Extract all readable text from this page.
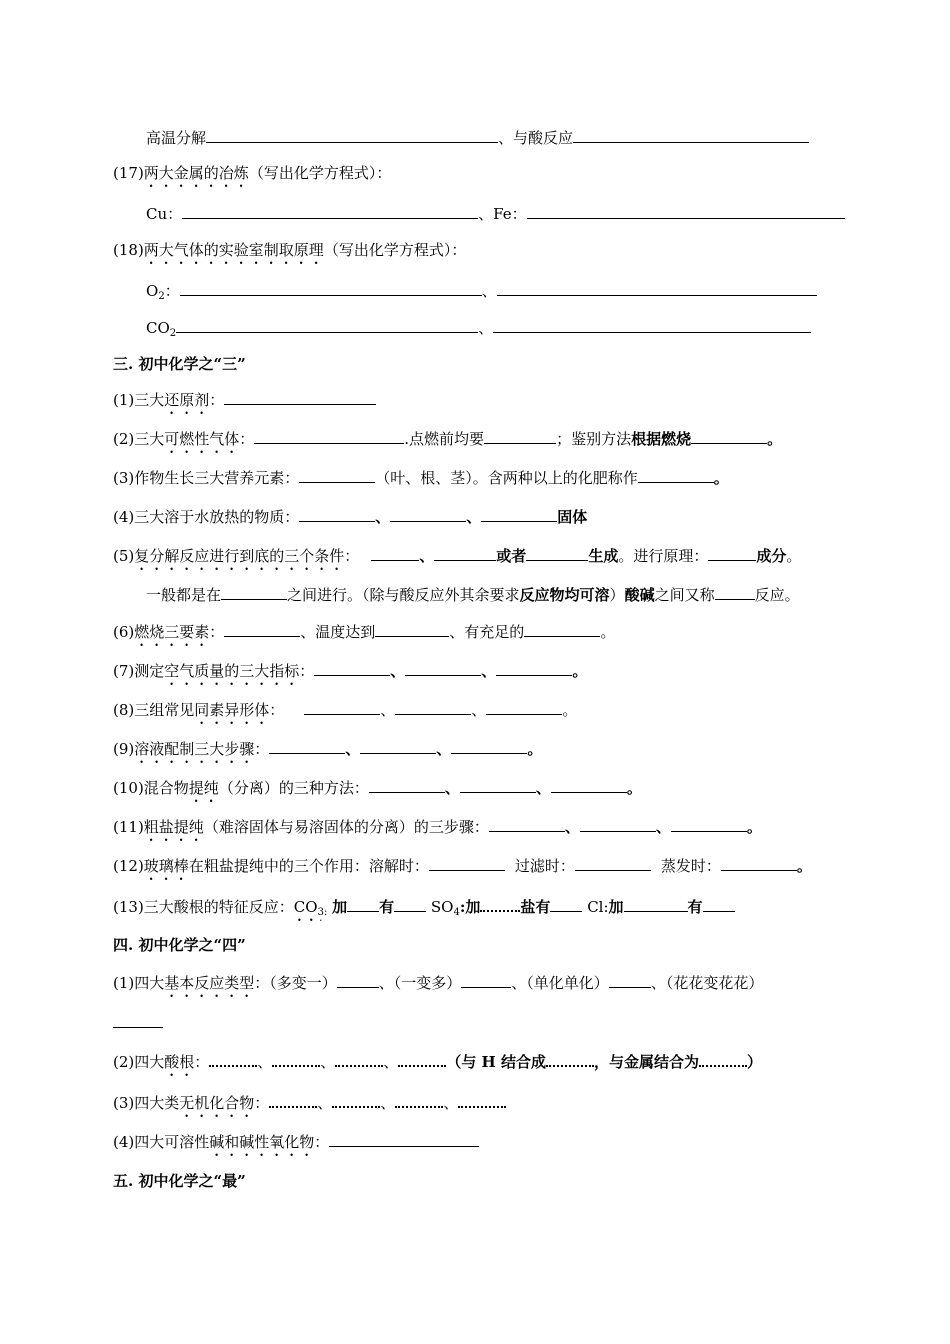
高温分解	、与酸反应
(17)两大金属的冶炼（写出化学方程式）：
Cu：	、Fe：
(18)两大气体的实验室制取原理（写出化学方程式）：
$O_2$：	、
$CO_2$	、
三. 初中化学之“三”
(1)三大还原剂：
(2)三大可燃性气体：	.点燃前均要	；鉴别方法根据燃烧	。
(3)作物生长三大营养元素：	（叶、根、茎）。含两种以上的化肥称作	。
(4)三大溶于水放热的物质：	、	、	固体
(5)复分解反应进行到底的三个条件：	、	或者	生成。进行原理：	成分。
一般都是在	之间进行。（除与酸反应外其余要求反应物均可溶）酸碱之间又称	反应。
(6)燃烧三要素：	、温度达到	、有充足的	。
(7)测定空气质量的三大指标：	、	、	。
(8)三组常见同素异形体：	、	、	。
(9)溶液配制三大步骤：	、	、	。
(10)混合物提纯（分离）的三种方法：	、	、	。
(11)粗盐提纯（难溶固体与易溶固体的分离）的三步骤：	、	、	。
(12)玻璃棒在粗盐提纯中的三个作用：溶解时：	过滤时：	蒸发时：	。
(13)三大酸根的特征反应：$CO_{3:}$ 加 有 $SO_4$:加	盐有 Cl:加	有
四. 初中化学之“四”
(1)四大基本反应类型：（多变一）	、（一变多）	、（单化单化）	、（花花变花花）
(2)四大酸根：	、	、	、	（与 H 结合成	，与金属结合为	）
(3)四大类无机化合物：	、	、	、
(4)四大可溶性碱和碱性氧化物：
五. 初中化学之“最”
